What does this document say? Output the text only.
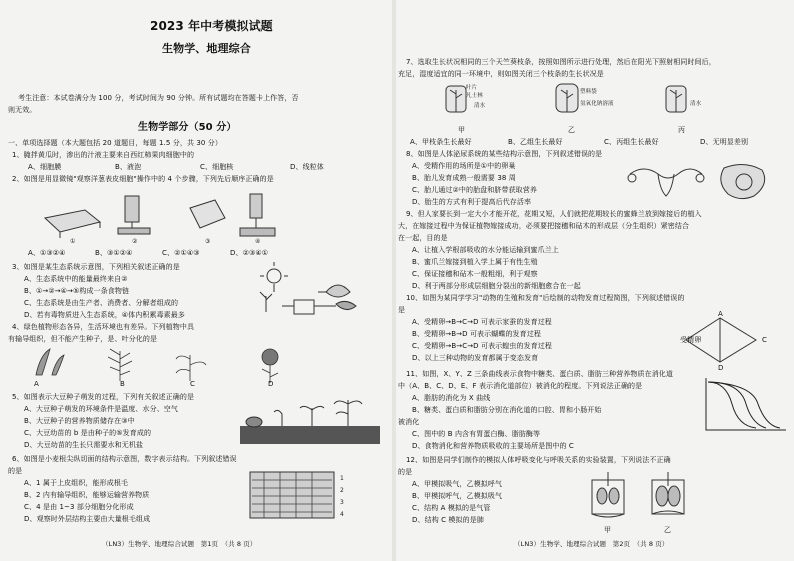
2023 年中考模拟试题
生物学、地理综合
考生注意：本试卷满分为 100 分，考试时间为 90 分钟。所有试题均在答题卡上作答，否
则无效。
生物学部分（50 分）
一、单项选择题（本大题包括 20 道题目，每题 1.5 分，共 30 分）
1、腌拌黄瓜时，渗出的汁液主要来自西红柿果肉细胞中的
A、细胞膜	B、液泡	C、细胞核	D、线粒体
2、如图是用显微镜"观察洋葱表皮细胞"操作中的 4 个步骤，下列先后顺序正确的是
①	②	③	④
A、①③②④	B、③①②④	C、②①④③	D、②③④①
3、如图是某生态系统示意图，下列相关叙述正确的是
A、生态系统中的能量最终来自②
B、①→②→④→⑤构成一条食物链
C、生态系统是由生产者、消费者、分解者组成的
D、若有毒物质进入生态系统，④体内积累毒素最多
4、绿色植物形态各异，生活环境也有差异。下列植物中具
有输导组织，但不能产生种子，是、叶分化的是
A	B	C	D
5、如图表示大豆种子萌发的过程，下列有关叙述正确的是
A、大豆种子萌发的环境条件是温度、水分、空气
B、大豆种子的营养物质储存在③中
C、大豆幼苗的 b 是由种子的⑤发育成的
D、大豆幼苗的生长只需要水和无机盐
6、如图是小麦根尖纵切面的结构示意图，数字表示结构。下列叙述错误
的是
A、1 属于上皮组织，能形成根毛
B、2 内有输导组织，能够运输营养物质
C、4 是由 1~3 部分细胞分化形成
D、观察时外层结构主要由大量根毛组成
1
2
3
4
（LN3）生物学、地理综合试题　第1页　（共 8 页）
7、选取生长状况相同的三个天竺葵枝条，按照如图所示进行处理，然后在阳光下照射相同时间后，
充足，湿度适宜的同一环境中，则如图关闭三个枝条的生长状况是
叶片
凡士林
塑料袋
清水	氢氧化钠溶液	清水
甲	乙	丙
A、甲枝条生长最好	B、乙组生长最好	C、丙组生长最好	D、无明显差别
8、如图是人体泌尿系统的某些结构示意图，下列叙述错误的是
A、受精作用的场所是①中的卵巢
B、胎儿发育成熟一般需要 38 周
C、胎儿通过②中的胎盘和脐带获取营养
D、胎生的方式有利于提高后代存活率
9、但人家要长到一定大小才能开花，花期又短，人们就把花期较长的蜜蜂兰放到嫁接后的植入
大，在嫁接过程中为保证植物嫁接成功，必须要把接穗和砧木的形成层（分生组织）紧密结合
在一起，目的是
A、让植入学根部吸收的水分能运输到蜜爪兰上
B、蜜爪兰嫁接到植入学上属于有性生殖
C、保证接穗和砧木一般粗细，利于观察
D、利于两部分形成层细胞分裂出的新细胞愈合在一起
10、如图为某同学学习"动物的生殖和发育"后绘制的动物发育过程简图，下列叙述错误的
是
A、受精卵→B→C→D 可表示家蚕的发育过程
B、受精卵→B→D 可表示蝴蝶的发育过程
C、受精卵→B→C→D 可表示蝗虫的发育过程
D、以上三种动物的发育都属于变态发育
A
受精卵	C
D
11、如图，X、Y、Z 三条曲线表示食物中糖类、蛋白质、脂肪三种营养物质在消化道
中（A、B、C、D、E、F 表示消化道部位）被消化的程度。下列说法正确的是
A、脂肪的消化为 X 曲线
B、糖类、蛋白质和脂肪分别在消化道的口腔、胃和小肠开始
被消化
C、图中的 B 内含有胃蛋白酶、脂肪酶等
D、食物消化和营养物质吸收的主要场所是图中的 C
12、如图是同学们制作的模拟人体呼吸变化与呼吸关系的实验装置，下列说法不正确
的是
A、甲模拟吸气，乙模拟呼气
B、甲模拟呼气，乙模拟吸气
C、结构 A 模拟的是气管
D、结构 C 模拟的是肺
甲	乙
（LN3）生物学、地理综合试题　第2页　（共 8 页）
